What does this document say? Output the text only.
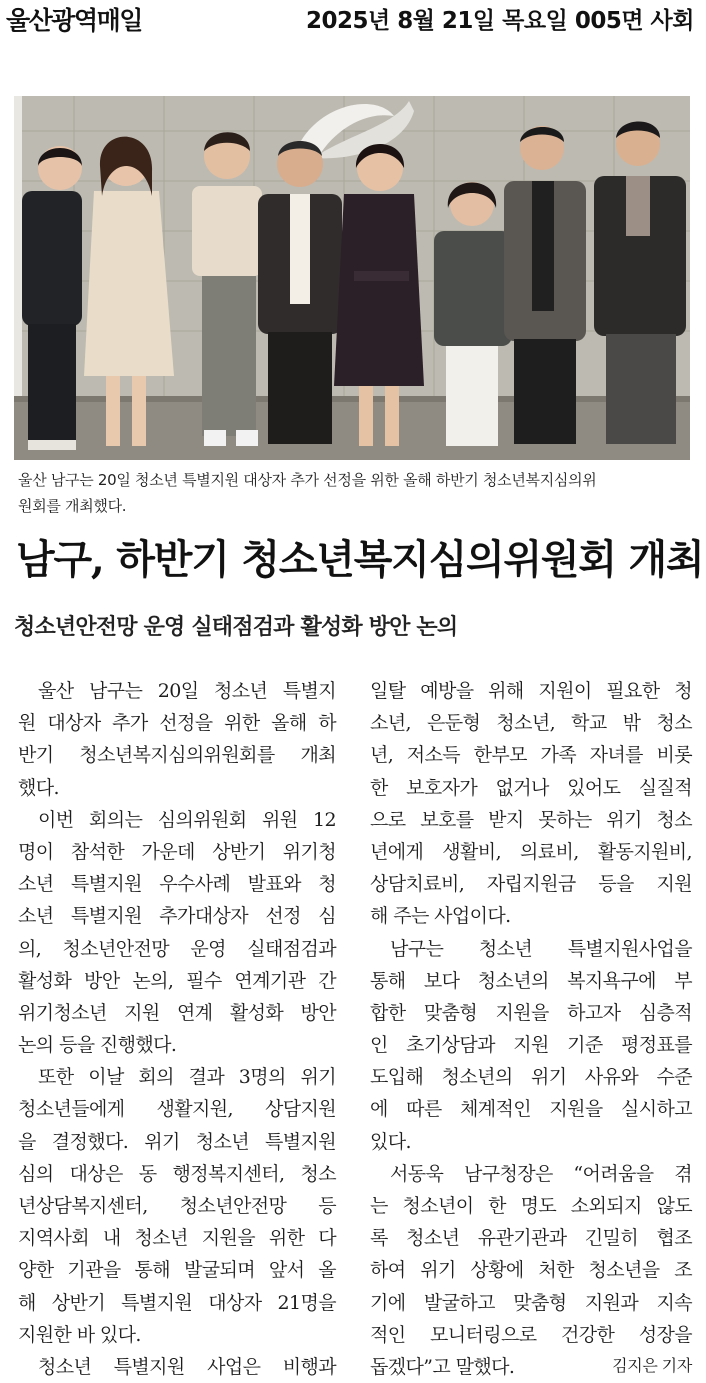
울산광역매일	2025년 8월 21일 목요일 005면 사회
울산 남구는 20일 청소년 특별지원 대상자 추가 선정을 위한 올해 하반기 청소년복지심의위
원회를 개최했다.
남구, 하반기 청소년복지심의위원회 개최
청소년안전망 운영 실태점검과 활성화 방안 논의
울산 남구는 20일 청소년 특별지
원 대상자 추가 선정을 위한 올해 하
반기 청소년복지심의위원회를 개최
했다.
이번 회의는 심의위원회 위원 12
명이 참석한 가운데 상반기 위기청
소년 특별지원 우수사례 발표와 청
소년 특별지원 추가대상자 선정 심
의, 청소년안전망 운영 실태점검과
활성화 방안 논의, 필수 연계기관 간
위기청소년 지원 연계 활성화 방안
논의 등을 진행했다.
또한 이날 회의 결과 3명의 위기
청소년들에게 생활지원, 상담지원
을 결정했다. 위기 청소년 특별지원
심의 대상은 동 행정복지센터, 청소
년상담복지센터, 청소년안전망 등
지역사회 내 청소년 지원을 위한 다
양한 기관을 통해 발굴되며 앞서 올
해 상반기 특별지원 대상자 21명을
지원한 바 있다.
청소년 특별지원 사업은 비행과
일탈 예방을 위해 지원이 필요한 청
소년, 은둔형 청소년, 학교 밖 청소
년, 저소득 한부모 가족 자녀를 비롯
한 보호자가 없거나 있어도 실질적
으로 보호를 받지 못하는 위기 청소
년에게 생활비, 의료비, 활동지원비,
상담치료비, 자립지원금 등을 지원
해 주는 사업이다.
남구는 청소년 특별지원사업을
통해 보다 청소년의 복지욕구에 부
합한 맞춤형 지원을 하고자 심층적
인 초기상담과 지원 기준 평정표를
도입해 청소년의 위기 사유와 수준
에 따른 체계적인 지원을 실시하고
있다.
서동욱 남구청장은 “어려움을 겪
는 청소년이 한 명도 소외되지 않도
록 청소년 유관기관과 긴밀히 협조
하여 위기 상황에 처한 청소년을 조
기에 발굴하고 맞춤형 지원과 지속
적인 모니터링으로 건강한 성장을
돕겠다”고 말했다.	김지은 기자
